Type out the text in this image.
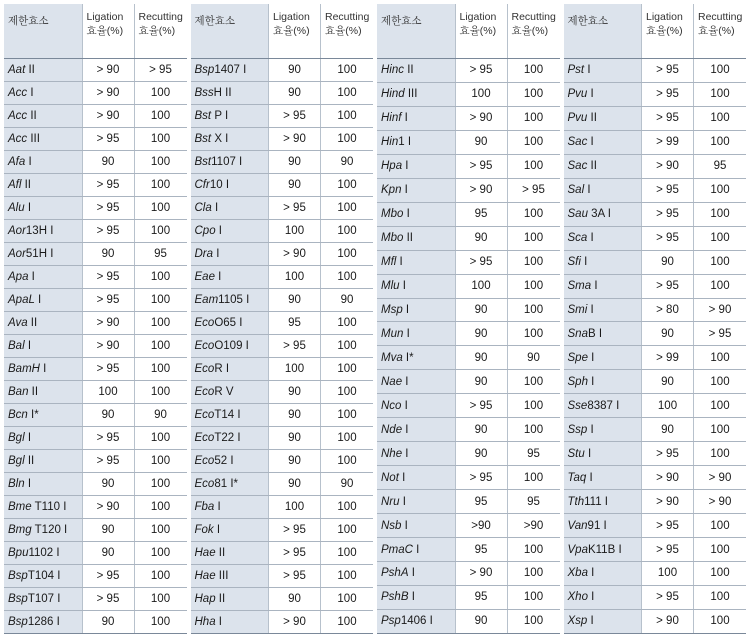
제한효소	Ligation
효율(%)	Recutting
효율(%)

Aat II	> 90	> 95
Acc I	> 90	100
Acc II	> 90	100
Acc III	> 95	100
Afa I	90	100
Afl II	> 95	100
Alu I	> 95	100
Aor13H I	> 95	100
Aor51H I	90	95
Apa I	> 95	100
ApaL I	> 95	100
Ava II	> 90	100
Bal I	> 90	100
BamH I	> 95	100
Ban II	100	100
Bcn I*	90	90
Bgl I	> 95	100
Bgl II	> 95	100
Bln I	90	100
Bme T110 I	> 90	100
Bmg T120 I	90	100
Bpu1102 I	90	100
BspT104 I	> 95	100
BspT107 I	> 95	100
Bsp1286 I	90	100
제한효소	Ligation
효율(%)	Recutting
효율(%)

Bsp1407 I	90	100
BssH II	90	100
Bst P I	> 95	100
Bst X I	> 90	100
Bst1107 I	90	90
Cfr10 I	90	100
Cla I	> 95	100
Cpo I	100	100
Dra I	> 90	100
Eae I	100	100
Eam1105 I	90	90
EcoO65 I	95	100
EcoO109 I	> 95	100
EcoR I	100	100
EcoR V	90	100
EcoT14 I	90	100
EcoT22 I	90	100
Eco52 I	90	100
Eco81 I*	90	90
Fba I	100	100
Fok I	> 95	100
Hae II	> 95	100
Hae III	> 95	100
Hap II	90	100
Hha I	> 90	100
제한효소	Ligation
효율(%)	Recutting
효율(%)

Hinc II	> 95	100
Hind III	100	100
Hinf I	> 90	100
Hin1 I	90	100
Hpa I	> 95	100
Kpn I	> 90	> 95
Mbo I	95	100
Mbo II	90	100
Mfl I	> 95	100
Mlu I	100	100
Msp I	90	100
Mun I	90	100
Mva I*	90	90
Nae I	90	100
Nco I	> 95	100
Nde I	90	100
Nhe I	90	95
Not I	> 95	100
Nru I	95	95
Nsb I	>90	>90
PmaC I	95	100
PshA I	> 90	100
PshB I	95	100
Psp1406 I	90	100
제한효소	Ligation
효율(%)	Recutting
효율(%)

Pst I	> 95	100
Pvu I	> 95	100
Pvu II	> 95	100
Sac I	> 99	100
Sac II	> 90	95
Sal I	> 95	100
Sau 3A I	> 95	100
Sca I	> 95	100
Sfi I	90	100
Sma I	> 95	100
Smi I	> 80	> 90
SnaB I	90	> 95
Spe I	> 99	100
Sph I	90	100
Sse8387 I	100	100
Ssp I	90	100
Stu I	> 95	100
Taq I	> 90	> 90
Tth111 I	> 90	> 90
Van91 I	> 95	100
VpaK11B I	> 95	100
Xba I	100	100
Xho I	> 95	100
Xsp I	> 90	100
